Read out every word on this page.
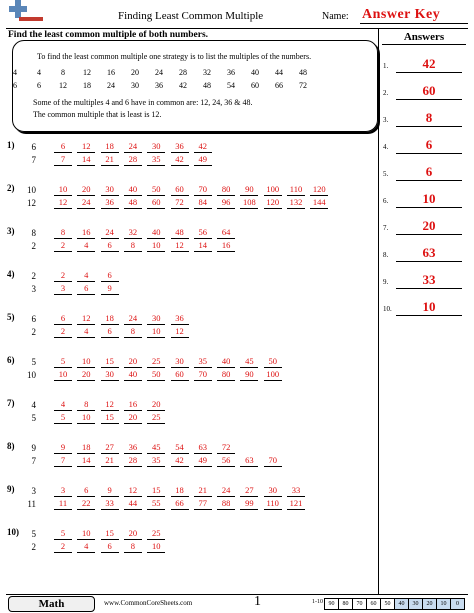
Finding Least Common Multiple	Name: Answer Key
Find the least common multiple of both numbers.
To find the least common multiple one strategy is to list the multiples of the numbers.
4	4	8	12	16	20	24	28	32	36	40	44	48
6	6	12	18	24	30	36	42	48	54	60	66	72
Some of the multiples 4 and 6 have in common are: 12, 24, 36 & 48.
The common multiple that is least is 12.
1)	6
7
6	12	18	24	30	36	42
7	14	21	28	35	42	49
2)	10
12
10	20	30	40	50	60	70	80	90	100	110	120
12	24	36	48	60	72	84	96	108	120	132	144
3)	8
2
8	16	24	32	40	48	56	64
2	4	6	8	10	12	14	16
4)	2
3
2	4	6
3	6	9
5)	6
2
6	12	18	24	30	36
2	4	6	8	10	12
6)	5
10
5	10	15	20	25	30	35	40	45	50
10	20	30	40	50	60	70	80	90	100
7)	4
5
4	8	12	16	20
5	10	15	20	25
8)	9
7
9	18	27	36	45	54	63	72
7	14	21	28	35	42	49	56	63	70
9)	3
11
3	6	9	12	15	18	21	24	27	30	33
11	22	33	44	55	66	77	88	99	110	121
10)	5
2
5	10	15	20	25
2	4	6	8	10
Answers
1.	42
2.	60
3.	8
4.	6
5.	6
6.	10
7.	20
8.	63
9.	33
10.	10
Math	www.CommonCoreSheets.com	1	1-10 90	80	70	60	50	40	30	20	10	0
